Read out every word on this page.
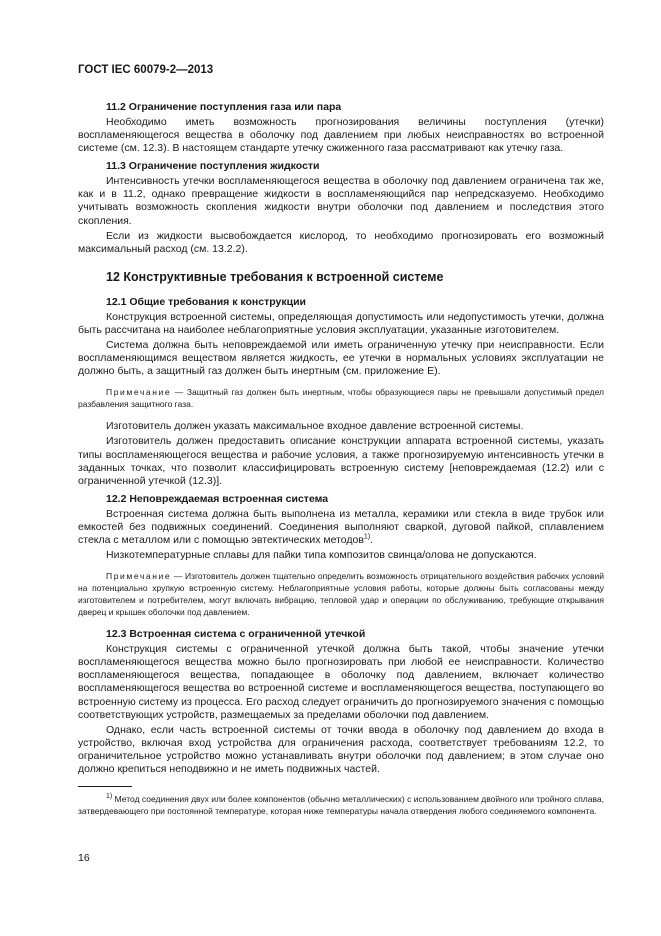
ГОСТ IEC 60079-2—2013
11.2 Ограничение поступления газа или пара

Необходимо иметь возможность прогнозирования величины поступления (утечки) воспламеняющегося вещества в оболочку под давлением при любых неисправностях во встроенной системе (см. 12.3). В настоящем стандарте утечку сжиженного газа рассматривают как утечку газа.

11.3 Ограничение поступления жидкости

Интенсивность утечки воспламеняющегося вещества в оболочку под давлением ограничена так же, как и в 11.2, однако превращение жидкости в воспламеняющийся пар непредсказуемо. Необходимо учитывать возможность скопления жидкости внутри оболочки под давлением и последствия этого скопления.

Если из жидкости высвобождается кислород, то необходимо прогнозировать его возможный максимальный расход (см. 13.2.2).

12 Конструктивные требования к встроенной системе
12.1 Общие требования к конструкции

Конструкция встроенной системы, определяющая допустимость или недопустимость утечки, должна быть рассчитана на наиболее неблагоприятные условия эксплуатации, указанные изготовителем.

Система должна быть неповреждаемой или иметь ограниченную утечку при неисправности. Если воспламеняющимся веществом является жидкость, ее утечки в нормальных условиях эксплуатации не должно быть, а защитный газ должен быть инертным (см. приложение Е).

Примечание — Защитный газ должен быть инертным, чтобы образующиеся пары не превышали допустимый предел разбавления защитного газа.

Изготовитель должен указать максимальное входное давление встроенной системы.

Изготовитель должен предоставить описание конструкции аппарата встроенной системы, указать типы воспламеняющегося вещества и рабочие условия, а также прогнозируемую интенсивность утечки в заданных точках, что позволит классифицировать встроенную систему [неповреждаемая (12.2) или с ограниченной утечкой (12.3)].

12.2 Неповреждаемая встроенная система

Встроенная система должна быть выполнена из металла, керамики или стекла в виде трубок или емкостей без подвижных соединений. Соединения выполняют сваркой, дуговой пайкой, сплавлением стекла с металлом или с помощью эвтектических методов$^{1)}$.

Низкотемпературные сплавы для пайки типа композитов свинца/олова не допускаются.

Примечание — Изготовитель должен тщательно определить возможность отрицательного воздействия рабочих условий на потенциально хрупкую встроенную систему. Неблагоприятные условия работы, которые должны быть согласованы между изготовителем и потребителем, могут включать вибрацию, тепловой удар и операции по обслуживанию, требующие открывания дверец и крышек оболочки под давлением.

12.3 Встроенная система с ограниченной утечкой

Конструкция системы с ограниченной утечкой должна быть такой, чтобы значение утечки воспламеняющегося вещества можно было прогнозировать при любой ее неисправности. Количество воспламеняющегося вещества, попадающее в оболочку под давлением, включает количество воспламеняющегося вещества во встроенной системе и воспламеняющегося вещества, поступающего во встроенную систему из процесса. Его расход следует ограничить до прогнозируемого значения с помощью соответствующих устройств, размещаемых за пределами оболочки под давлением.

Однако, если часть встроенной системы от точки ввода в оболочку под давлением до входа в устройство, включая вход устройства для ограничения расхода, соответствует требованиям 12.2, то ограничительное устройство можно устанавливать внутри оболочки под давлением; в этом случае оно должно крепиться неподвижно и не иметь подвижных частей.

$^{1)}$ Метод соединения двух или более компонентов (обычно металлических) с использованием двойного или тройного сплава, затвердевающего при постоянной температуре, которая ниже температуры начала отвердения любого соединяемого компонента.

16
